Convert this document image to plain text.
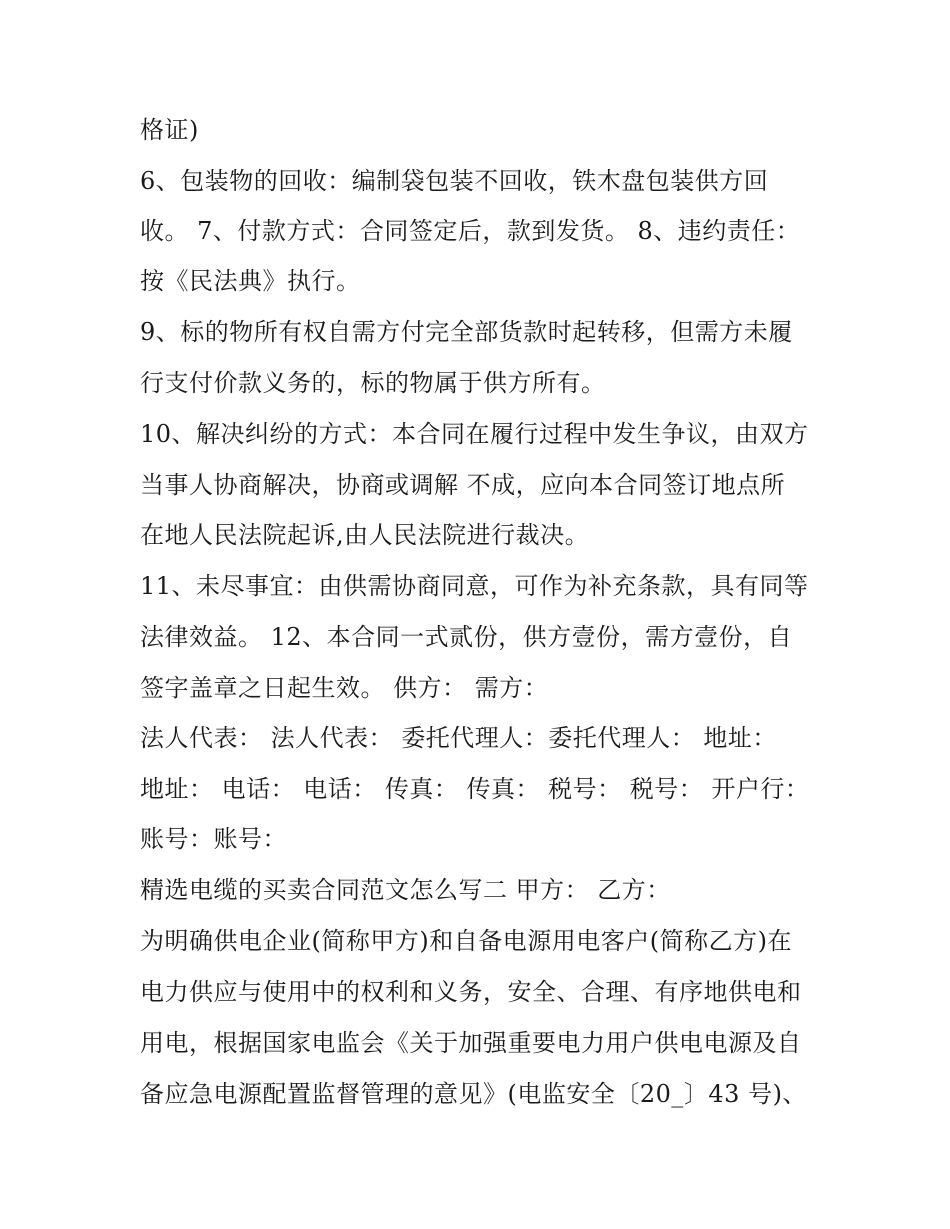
格证)
6、包装物的回收：编制袋包装不回收，铁木盘包装供方回
收。 7、付款方式：合同签定后，款到发货。 8、违约责任：
按《民法典》执行。
9、标的物所有权自需方付完全部货款时起转移，但需方未履
行支付价款义务的，标的物属于供方所有。
10、解决纠纷的方式：本合同在履行过程中发生争议，由双方
当事人协商解决，协商或调解 不成，应向本合同签订地点所
在地人民法院起诉,由人民法院进行裁决。
11、未尽事宜：由供需协商同意，可作为补充条款，具有同等
法律效益。 12、本合同一式贰份，供方壹份，需方壹份，自
签字盖章之日起生效。 供方： 需方：
法人代表： 法人代表： 委托代理人：委托代理人： 地址：
地址： 电话： 电话： 传真： 传真： 税号： 税号： 开户行：
账号：账号：
精选电缆的买卖合同范文怎么写二 甲方： 乙方：
为明确供电企业(简称甲方)和自备电源用电客户(简称乙方)在
电力供应与使用中的权利和义务，安全、合理、有序地供电和
用电，根据国家电监会《关于加强重要电力用户供电电源及自
备应急电源配置监督管理的意见》(电监安全〔20_〕43 号)、
